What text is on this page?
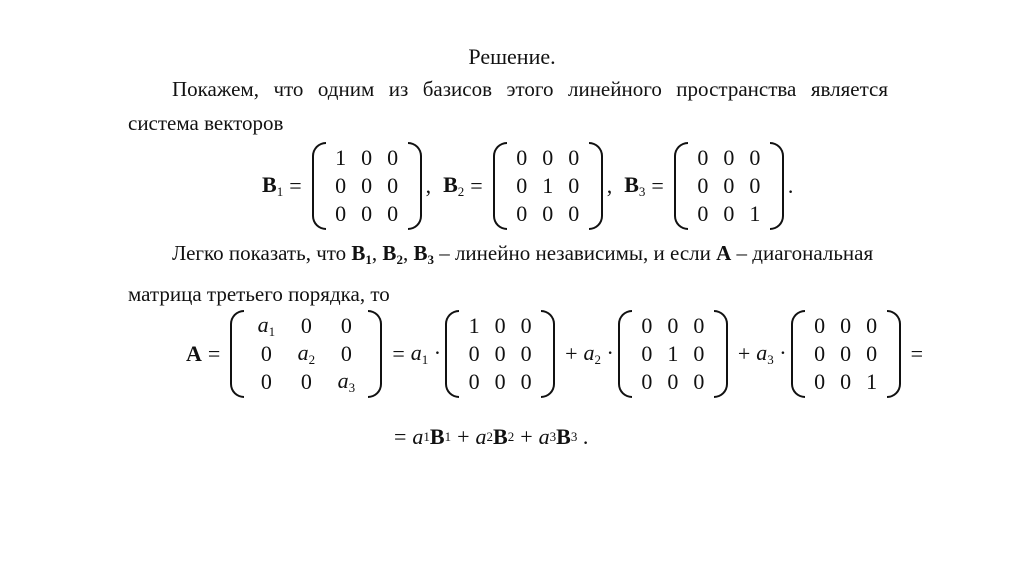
Решение.
Покажем, что одним из базисов этого линейного пространства является система векторов
$B_1$ =
1 0 0
0 0 0
0 0 0
, $B_2$ =
0 0 0
0 1 0
0 0 0
, $B_3$ =
0 0 0
0 0 0
0 0 1
.
Легко показать, что $B_1$, $B_2$, $B_3$ – линейно независимы, и если A – диагональная матрица третьего порядка, то
A =
$a_1$ 0 0
0 $a_2$ 0
0 0 $a_3$
= $a_1$ ·
1 0 0
0 0 0
0 0 0
+ $a_2$ ·
0 0 0
0 1 0
0 0 0
+ $a_3$ ·
0 0 0
0 0 0
0 0 1
=
= a 1 B 1 + a 2 B 2 + a 3 B 3 .
